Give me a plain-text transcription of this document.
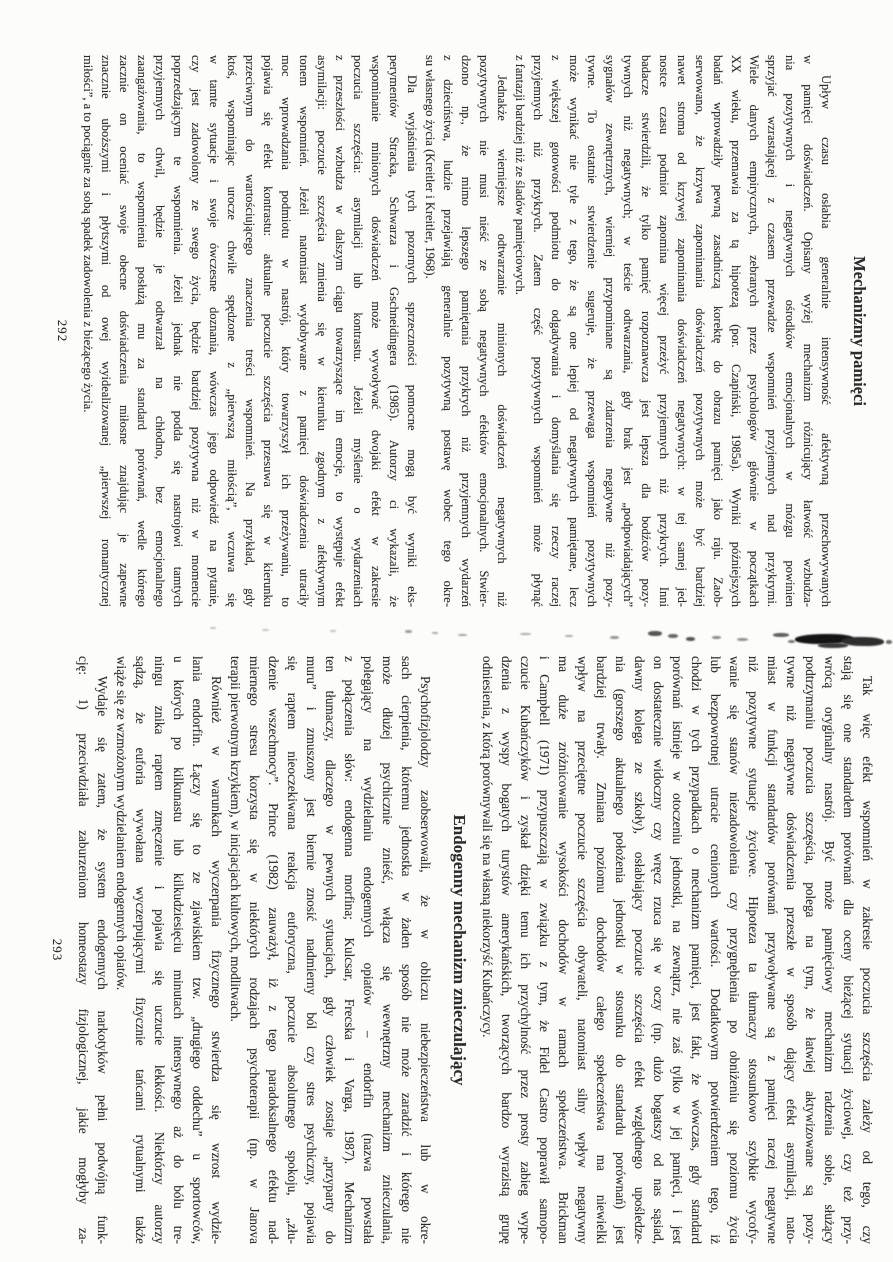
Mechanizmy pamięci
Upływ czasu osłabia generalnie intensywność afektywną przechowywanych
w pamięci doświadczeń. Opisany wyżej mechanizm różnicujący łatwość wzbudza-
nia pozytywnych i negatywnych ośrodków emocjonalnych w mózgu powinien
sprzyjać wzrastającej z czasem przewadze wspomnień przyjemnych nad przykrymi.
Wiele danych empirycznych, zebranych przez psychologów głównie w początkach
XX wieku, przemawia za tą hipotezą (por. Czapiński, 1985a). Wyniki późniejszych
badań wprowadziły pewną zasadniczą korektę do obrazu pamięci jako raju. Zaob-
serwowano, że krzywa zapominania doświadczeń pozytywnych może być bardziej
nawet stroma od krzywej zapominania doświadczeń negatywnych: w tej samej jed-
nostce czasu podmiot zapomina więcej przeżyć przyjemnych niż przykrych. Inni
badacze stwierdzili, że tylko pamięć rozpoznawcza jest lepsza dla bodźców pozy-
tywnych niż negatywnych; w teście odtwarzania, gdy brak jest „podpowiadających”
sygnałów zewnętrznych, wierniej przypominane są zdarzenia negatywne niż pozy-
tywne. To ostatnie stwierdzenie sugeruje, że przewaga wspomnień pozytywnych
może wynikać nie tyle z tego, że są one lepiej od negatywnych pamiętane, lecz
z większej gotowości podmiotu do odgadywania i domyślania się rzeczy raczej
przyjemnych niż przykrych. Zatem część pozytywnych wspomnień może płynąć
z fantazji bardziej niż ze śladów pamięciowych.
Jednakże wierniejsze odtwarzanie minionych doświadczeń negatywnych niż
pozytywnych nie musi nieść ze sobą negatywnych efektów emocjonalnych. Stwier-
dzono np., że mimo lepszego pamiętania przykrych niż przyjemnych wydarzeń
z dzieciństwa, ludzie przejawiają generalnie pozytywną postawę wobec tego okre-
su własnego życia (Kreitler i Kreitler, 1968).
Dla wyjaśnienia tych pozornych sprzeczności pomocne mogą być wyniki eks-
perymentów Stracka, Schwarza i Gschneidingera (1985). Autorzy ci wykazali, że
wspominanie minionych doświadczeń może wywoływać dwojaki efekt w zakresie
poczucia szczęścia: asymilacji lub kontrastu. Jeżeli myślenie o wydarzeniach
z przeszłości wzbudza w dalszym ciągu towarzyszące im emocje, to występuje efekt
asymilacji: poczucie szczęścia zmienia się w kierunku zgodnym z afektywnym
tonem wspomnień. Jeżeli natomiast wydobywane z pamięci doświadczenia utraciły
moc wprowadzania podmiotu w nastrój, który towarzyszył ich przeżywaniu, to
pojawia się efekt kontrastu: aktualne poczucie szczęścia przesuwa się w kierunku
przeciwnym do wartościującego znaczenia treści wspomnień. Na przykład, gdy
ktoś, wspominając urocze chwile spędzone z „pierwszą miłością”, wczuwa się
w tamte sytuacje i swoje ówczesne doznania, wówczas jego odpowiedź na pytanie,
czy jest zadowolony ze swego życia, będzie bardziej pozytywna niż w momencie
poprzedzającym te wspomnienia. Jeżeli jednak nie podda się nastrojowi tamtych
przyjemnych chwil, będzie je odtwarzał na chłodno, bez emocjonalnego
zaangażowania, to wspomnienia posłużą mu za standard porównań, wedle którego
zacznie on oceniać swoje obecne doświadczenia miłosne znajdując je zapewne
znacznie uboższymi i płytszymi od owej wyidealizowanej „pierwszej romantycznej
miłości”, a to pociągnie za sobą spadek zadowolenia z bieżącego życia.
292
Tak więc efekt wspomnień w zakresie poczucia szczęścia zależy od tego, czy
stają się one standardem porównań dla oceny bieżącej sytuacji życiowej, czy też przy-
wrócą oryginalny nastrój. Być może pamięciowy mechanizm radzenia sobie, służący
podtrzymaniu poczucia szczęścia, polega na tym, że łatwiej aktywizowane są pozy-
tywne niż negatywne doświadczenia przeszłe w sposób dający efekt asymilacji, nato-
miast w funkcji standardów porównań przywoływane są z pamięci raczej negatywne
niż pozytywne sytuacje życiowe. Hipoteza ta tłumaczy stosunkowo szybkie wycofy-
wanie się stanów niezadowolenia czy przygnębienia po obniżeniu się poziomu życia
lub bezpowrotnej utracie cenionych wartości. Dodatkowym potwierdzeniem tego, iż
chodzi w tych przypadkach o mechanizm pamięci, jest fakt, że wówczas, gdy standard
porównań istnieje w otoczeniu jednostki, na zewnątrz, nie zaś tylko w jej pamięci, i jest
on dostatecznie widoczny czy wręcz rzuca się w oczy (np. dużo bogatszy od nas sąsiad,
dawny kolega ze szkoły), osłabiający poczucie szczęścia efekt względnego upośledze-
nia (gorszego aktualnego położenia jednostki w stosunku do standardu porównań) jest
bardziej trwały. Zmiana poziomu dochodów całego społeczeństwa ma niewielki
wpływ na przeciętne poczucie szczęścia obywateli, natomiast silny wpływ negatywny
ma duże zróżnicowanie wysokości dochodów w ramach społeczeństwa. Brickman
i Campbell (1971) przypuszczają w związku z tym, że Fidel Castro poprawił samopo-
czucie Kubańczyków i zyskał dzięki temu ich przychylność przez prosty zabieg wype-
dzenia z wyspy bogatych turystów amerykańskich, tworzących bardzo wyrazistą grupę
odniesienia, z którą porównywali się na własną niekorzyść Kubańczycy.
Endogenny mechanizm znieczulający
Psychofizjolodzy zaobserwowali, że w obliczu niebezpieczeństwa lub w okre-
sach cierpienia, któremu jednostka w żaden sposób nie może zaradzić i którego nie
może dłużej psychicznie znieść, włącza się wewnętrzny mechanizm znieczulania,
polegający na wydzielaniu endogennych opiatów – endorfin (nazwa powstała
z połączenia słów: endogenna morfina; Kulcsar, Frecska i Varga, 1987). Mechanizm
ten tłumaczy, dlaczego w pewnych sytuacjach, gdy człowiek zostaje „przyparty do
muru” i zmuszony jest biernie znosić nadmierny ból czy stres psychiczny, pojawia
się raptem nieoczekiwana reakcja euforyczna, poczucie absolutnego spokoju, „złu-
dzenie wszechmocy”. Prince (1982) zauważył, iż z tego paradoksalnego efektu nad-
miernego stresu korzysta się w niektórych rodzajach psychoterapii (np. w Janova
terapii pierwotnym krzykiem), w inicjacjach kultowych, modlitwach.
Również w warunkach wyczerpania fizycznego stwierdza się wzrost wydzie-
lania endorfin. Łączy się to ze zjawiskiem tzw. „drugiego oddechu” u sportowców,
u których po kilkunastu lub kilkudziesięciu minutach intensywnego aż do bólu tre-
ningu znika raptem zmęczenie i pojawia się uczucie lekkości. Niektórzy autorzy
sądzą, że euforia wywołana wyczerpującymi fizycznie tańcami rytualnymi także
wiąże się ze wzmożonym wydzielaniem endogennych opiatów.
Wydaje się zatem, że system endogennych narkotyków pełni podwójną funk-
cję: 1) przeciwdziała zaburzeniom homeostazy fizjologicznej, jakie mogłyby za-
293
